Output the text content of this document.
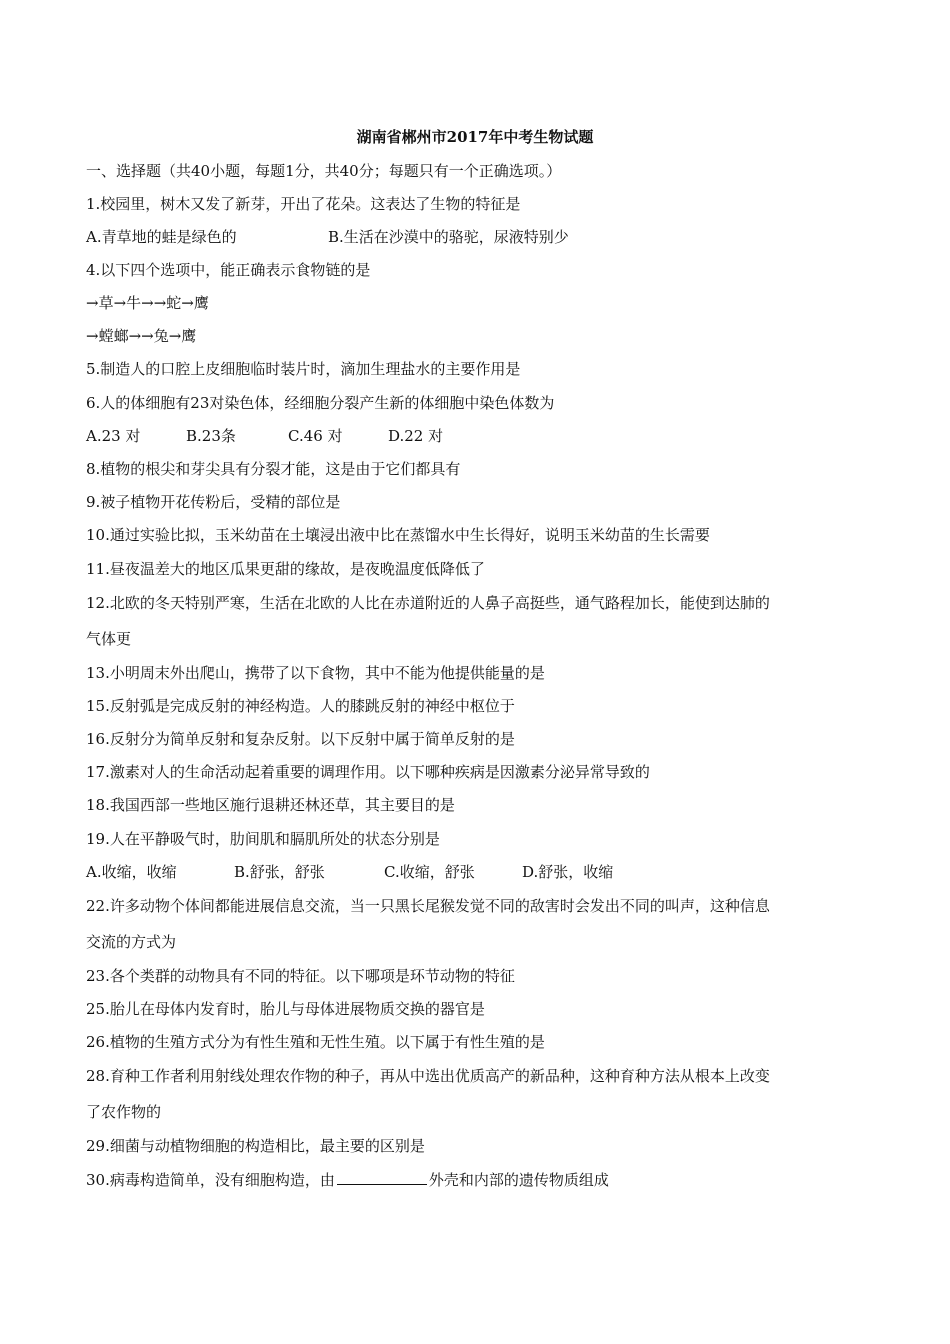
湖南省郴州市2017年中考生物试题
一、选择题（共40小题，每题1分，共40分；每题只有一个正确选项。）
1.校园里，树木又发了新芽，开出了花朵。这表达了生物的特征是
A.青草地的蛙是绿色的	B.生活在沙漠中的骆驼，尿液特别少
4.以下四个选项中，能正确表示食物链的是
→草→牛→→蛇→鹰
→螳螂→→兔→鹰
5.制造人的口腔上皮细胞临时装片时，滴加生理盐水的主要作用是
6.人的体细胞有23对染色体，经细胞分裂产生新的体细胞中染色体数为
A.23 对	B.23条	C.46 对	D.22 对
8.植物的根尖和芽尖具有分裂才能，这是由于它们都具有
9.被子植物开花传粉后，受精的部位是
10.通过实验比拟，玉米幼苗在土壤浸出液中比在蒸馏水中生长得好，说明玉米幼苗的生长需要
11.昼夜温差大的地区瓜果更甜的缘故，是夜晚温度低降低了
12.北欧的冬天特别严寒，生活在北欧的人比在赤道附近的人鼻子高挺些，通气路程加长，能使到达肺的
气体更
13.小明周末外出爬山，携带了以下食物，其中不能为他提供能量的是
15.反射弧是完成反射的神经构造。人的膝跳反射的神经中枢位于
16.反射分为简单反射和复杂反射。以下反射中属于简单反射的是
17.激素对人的生命活动起着重要的调理作用。以下哪种疾病是因激素分泌异常导致的
18.我国西部一些地区施行退耕还林还草，其主要目的是
19.人在平静吸气时，肋间肌和膈肌所处的状态分别是
A.收缩，收缩	B.舒张，舒张	C.收缩，舒张	D.舒张，收缩
22.许多动物个体间都能进展信息交流，当一只黑长尾猴发觉不同的敌害时会发出不同的叫声，这种信息
交流的方式为
23.各个类群的动物具有不同的特征。以下哪项是环节动物的特征
25.胎儿在母体内发育时，胎儿与母体进展物质交换的器官是
26.植物的生殖方式分为有性生殖和无性生殖。以下属于有性生殖的是
28.育种工作者利用射线处理农作物的种子，再从中选出优质高产的新品种，这种育种方法从根本上改变
了农作物的
29.细菌与动植物细胞的构造相比，最主要的区别是
30.病毒构造简单，没有细胞构造，由	外壳和内部的遗传物质组成
